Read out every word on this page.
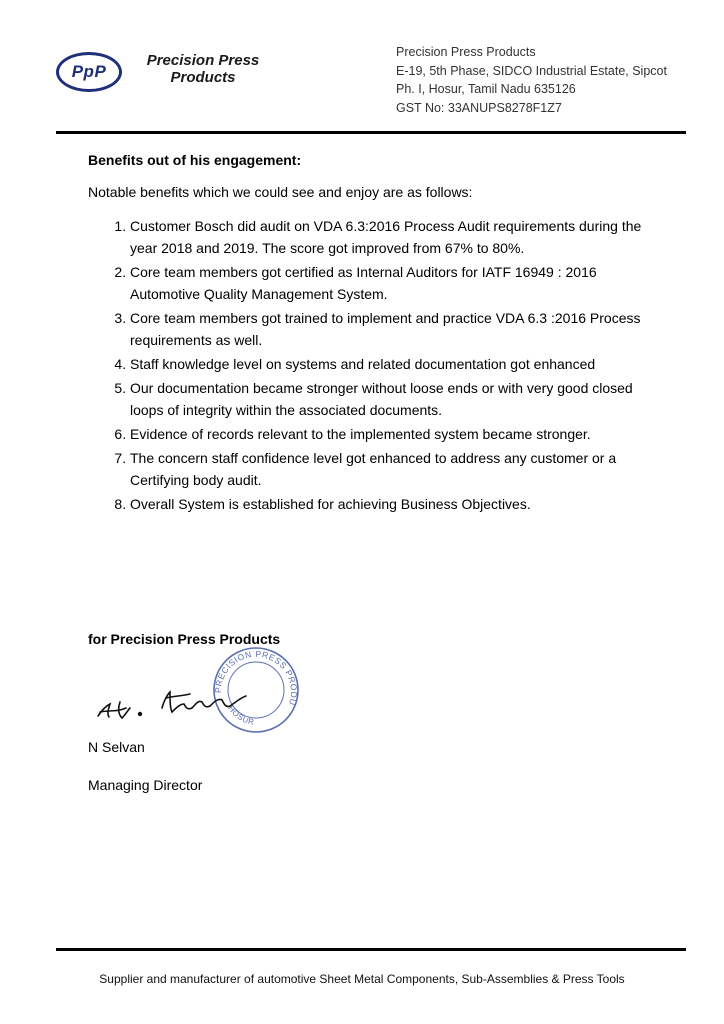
PpP
Precision Press
Products
Precision Press Products
E-19, 5th Phase, SIDCO Industrial Estate, Sipcot
Ph. I, Hosur, Tamil Nadu 635126
GST No: 33ANUPS8278F1Z7

Benefits out of his engagement:

Notable benefits which we could see and enjoy are as follows:

1. Customer Bosch did audit on VDA 6.3:2016 Process Audit requirements during the year 2018 and 2019. The score got improved from 67% to 80%.
2. Core team members got certified as Internal Auditors for IATF 16949 : 2016 Automotive Quality Management System.
3. Core team members got trained to implement and practice VDA 6.3 :2016 Process requirements as well.
4. Staff knowledge level on systems and related documentation got enhanced
5. Our documentation became stronger without loose ends or with very good closed loops of integrity within the associated documents.
6. Evidence of records relevant to the implemented system became stronger.
7. The concern staff confidence level got enhanced to address any customer or a Certifying body audit.
8. Overall System is established for achieving Business Objectives.
for Precision Press Products
PRECISION PRESS PRODU
HOSUR
N Selvan
Managing Director
Supplier and manufacturer of automotive Sheet Metal Components, Sub-Assemblies & Press Tools
